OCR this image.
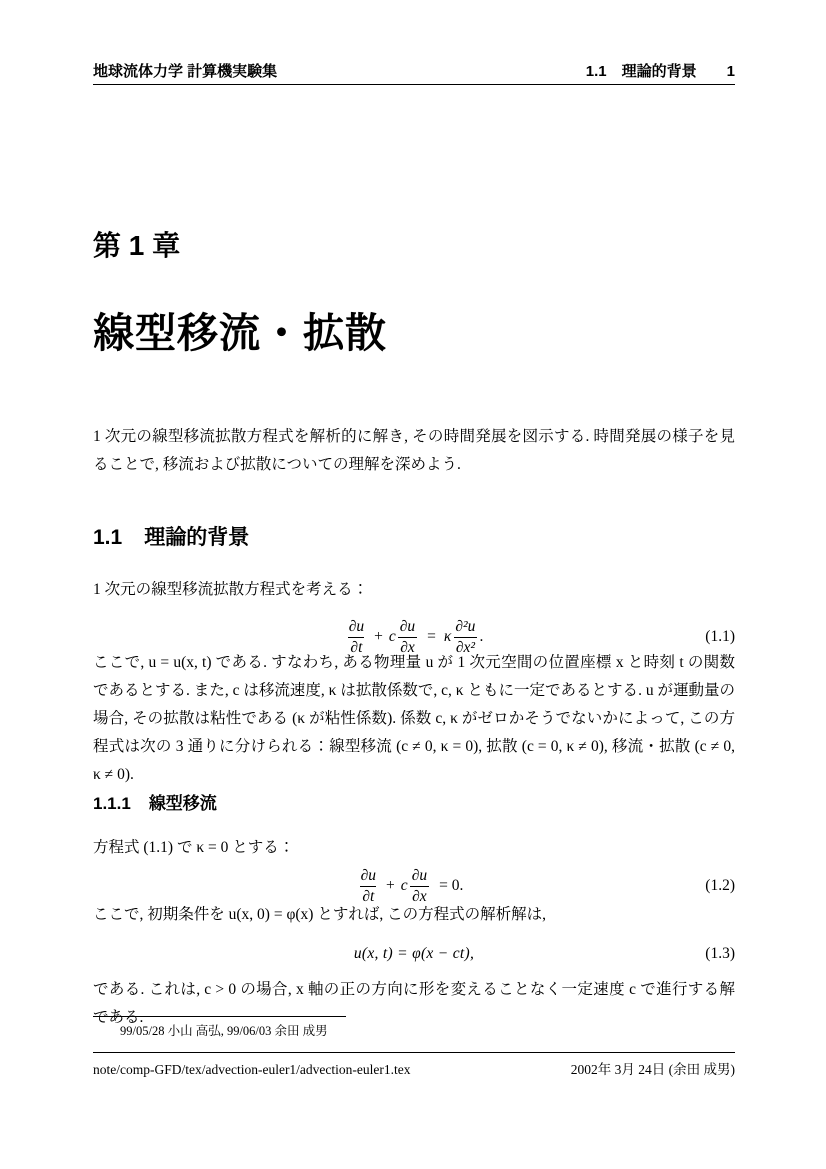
地球流体力学 計算機実験集	1.1　理論的背景 1
第 1 章
線型移流・拡散

1 次元の線型移流拡散方程式を解析的に解き, その時間発展を図示する. 時間発展の様子を見ることで, 移流および拡散についての理解を深めよう.

1.1 理論的背景

1 次元の線型移流拡散方程式を考える：

$\frac{\partial u}{\partial t} + c \frac{\partial u}{\partial x} = \kappa \frac{\text{∂²u}}{\text{∂x²}}$ .	(1.1)

ここで, u = u(x, t) である. すなわち, ある物理量 u が 1 次元空間の位置座標 x と時刻 t の関数であるとする. また, c は移流速度, κ は拡散係数で, c, κ ともに一定であるとする. u が運動量の場合, その拡散は粘性である (κ が粘性係数). 係数 c, κ がゼロかそうでないかによって, この方程式は次の 3 通りに分けられる：線型移流 (c ≠ 0, κ = 0), 拡散 (c = 0, κ ≠ 0), 移流・拡散 (c ≠ 0, κ ≠ 0).

1.1.1 線型移流

方程式 (1.1) で κ = 0 とする：

$\frac{\partial u}{\partial t} + c \frac{\partial u}{\partial x} = 0$.	(1.2)

ここで, 初期条件を u(x, 0) = φ(x) とすれば, この方程式の解析解は,

u(x, t) = φ(x − ct),	(1.3)

である. これは, c > 0 の場合, x 軸の正の方向に形を変えることなく一定速度 c で進行する解である.

99/05/28 小山 高弘, 99/06/03 余田 成男
note/comp-GFD/tex/advection-euler1/advection-euler1.tex	2002年 3月 24日 (余田 成男)
